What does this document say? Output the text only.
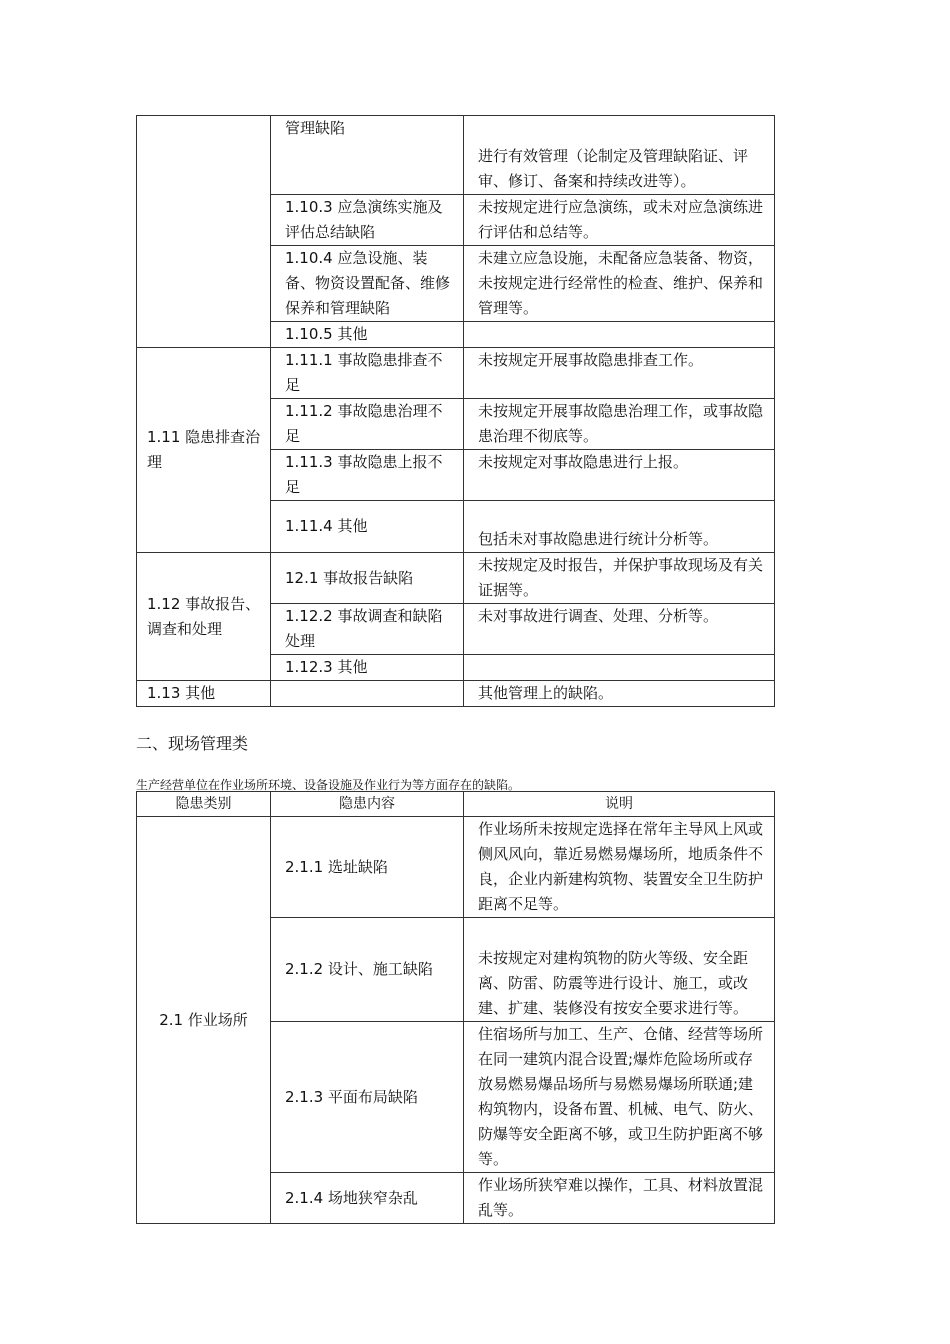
	管理缺陷	进行有效管理（论制定及管理缺陷证、评审、修订、备案和持续改进等）。
	1.10.3 应急演练实施及评估总结缺陷	未按规定进行应急演练，或未对应急演练进行评估和总结等。
	1.10.4 应急设施、装备、物资设置配备、维修保养和管理缺陷	未建立应急设施，未配备应急装备、物资，未按规定进行经常性的检查、维护、保养和管理等。
	1.10.5 其他	
1.11 隐患排查治理	1.11.1 事故隐患排查不足	未按规定开展事故隐患排查工作。
	1.11.2 事故隐患治理不足	未按规定开展事故隐患治理工作，或事故隐患治理不彻底等。
	1.11.3 事故隐患上报不足	未按规定对事故隐患进行上报。
	1.11.4 其他	包括未对事故隐患进行统计分析等。
1.12 事故报告、调查和处理	12.1 事故报告缺陷	未按规定及时报告，并保护事故现场及有关证据等。
	1.12.2 事故调查和缺陷处理	未对事故进行调查、处理、分析等。
	1.12.3 其他	
1.13 其他		其他管理上的缺陷。
二、现场管理类
生产经营单位在作业场所环境、设备设施及作业行为等方面存在的缺陷。
隐患类别	隐患内容	说明
2.1 作业场所	2.1.1 选址缺陷	作业场所未按规定选择在常年主导风上风或侧风风向，靠近易燃易爆场所，地质条件不良，企业内新建构筑物、装置安全卫生防护距离不足等。
	2.1.2 设计、施工缺陷	未按规定对建构筑物的防火等级、安全距离、防雷、防震等进行设计、施工，或改建、扩建、装修没有按安全要求进行等。
	2.1.3 平面布局缺陷	住宿场所与加工、生产、仓储、经营等场所在同一建筑内混合设置;爆炸危险场所或存放易燃易爆品场所与易燃易爆场所联通;建构筑物内，设备布置、机械、电气、防火、防爆等安全距离不够，或卫生防护距离不够等。
	2.1.4 场地狭窄杂乱	作业场所狭窄难以操作，工具、材料放置混乱等。
